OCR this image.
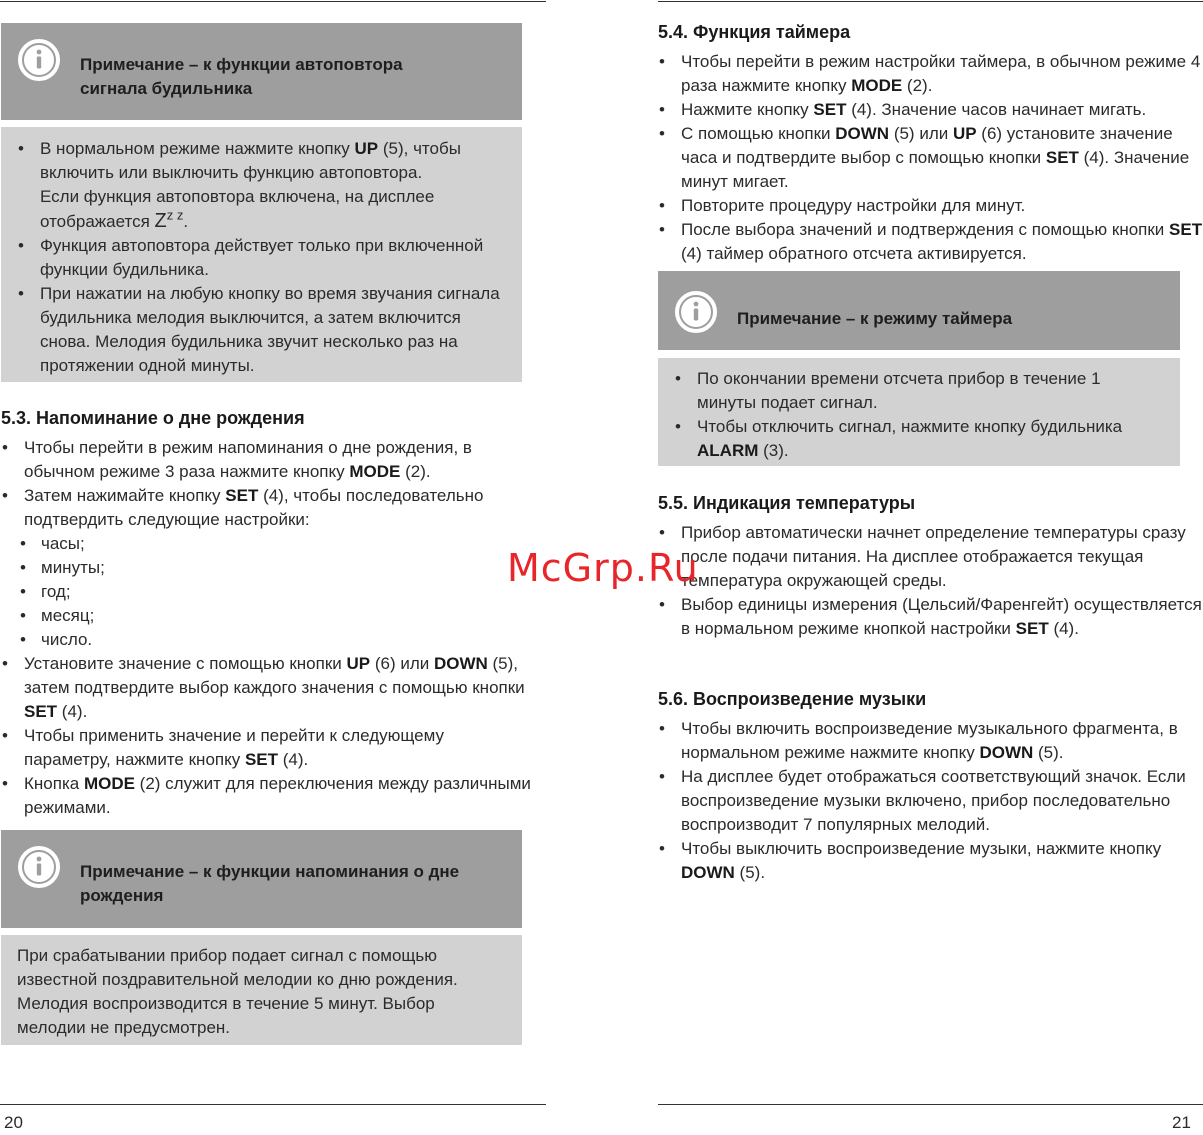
Примечание – к функции автоповтора
сигнала будильника
• В нормальном режиме нажмите кнопку UP (5), чтобы включить или выключить функцию автоповтора.
Если функция автоповтора включена, на дисплее отображается $Z^{z z}$.
• Функция автоповтора действует только при включенной функции будильника.
• При нажатии на любую кнопку во время звучания сигнала будильника мелодия выключится, а затем включится снова. Мелодия будильника звучит несколько раз на протяжении одной минуты.
5.3. Напоминание о дне рождения
• Чтобы перейти в режим напоминания о дне рождения, в обычном режиме 3 раза нажмите кнопку MODE (2).
• Затем нажимайте кнопку SET (4), чтобы последовательно подтвердить следующие настройки:
• часы;
• минуты;
• год;
• месяц;
• число.
• Установите значение с помощью кнопки UP (6) или DOWN (5), затем подтвердите выбор каждого значения с помощью кнопки SET (4).
• Чтобы применить значение и перейти к следующему параметру, нажмите кнопку SET (4).
• Кнопка MODE (2) служит для переключения между различными режимами.
Примечание – к функции напоминания о дне
рождения
При срабатывании прибор подает сигнал с помощью известной поздравительной мелодии ко дню рождения. Мелодия воспроизводится в течение 5 минут. Выбор мелодии не предусмотрен.
20
5.4. Функция таймера
• Чтобы перейти в режим настройки таймера, в обычном режиме 4 раза нажмите кнопку MODE (2).
• Нажмите кнопку SET (4). Значение часов начинает мигать.
• С помощью кнопки DOWN (5) или UP (6) установите значение часа и подтвердите выбор с помощью кнопки SET (4). Значение минут мигает.
• Повторите процедуру настройки для минут.
• После выбора значений и подтверждения с помощью кнопки SET (4) таймер обратного отсчета активируется.
Примечание – к режиму таймера
• По окончании времени отсчета прибор в течение 1 минуты подает сигнал.
• Чтобы отключить сигнал, нажмите кнопку будильника ALARM (3).
5.5. Индикация температуры
• Прибор автоматически начнет определение температуры сразу после подачи питания. На дисплее отображается текущая температура окружающей среды.
• Выбор единицы измерения (Цельсий/Фаренгейт) осуществляется в нормальном режиме кнопкой настройки SET (4).
5.6. Воспроизведение музыки
• Чтобы включить воспроизведение музыкального фрагмента, в нормальном режиме нажмите кнопку DOWN (5).
• На дисплее будет отображаться соответствующий значок. Если воспроизведение музыки включено, прибор последовательно воспроизводит 7 популярных мелодий.
• Чтобы выключить воспроизведение музыки, нажмите кнопку DOWN (5).
21
McGrp.Ru
